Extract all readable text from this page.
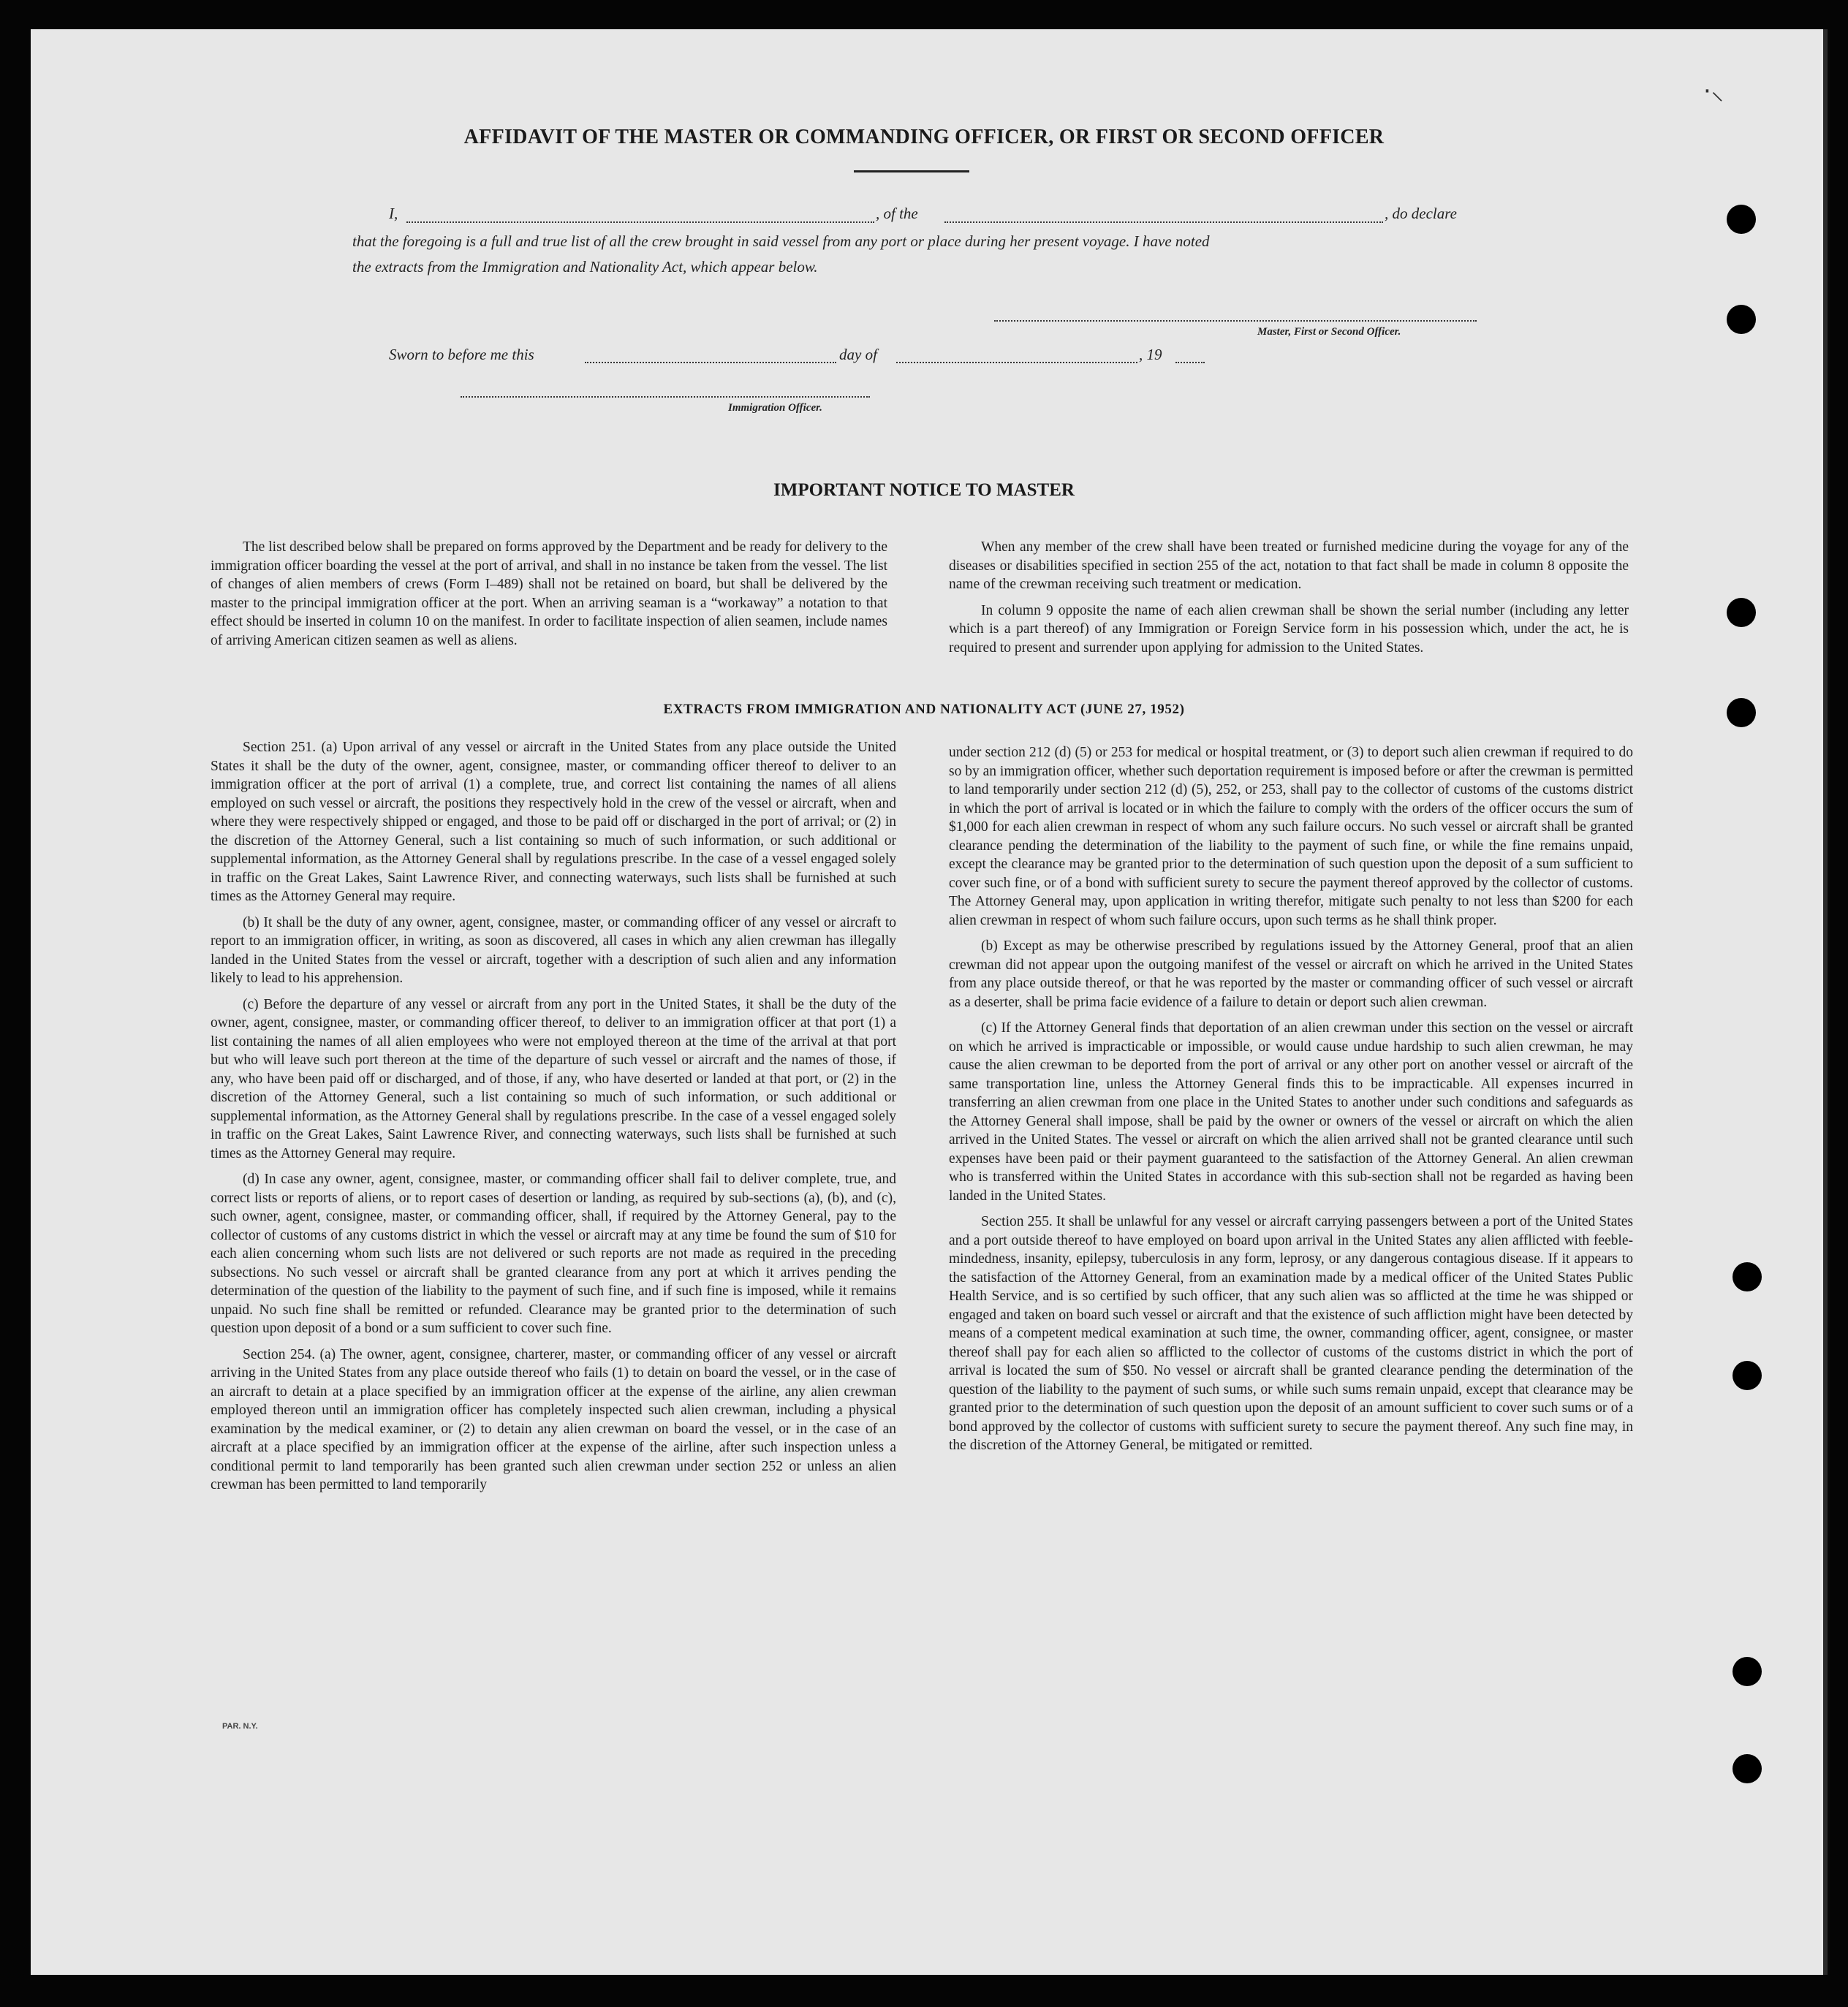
·⸜
AFFIDAVIT OF THE MASTER OR COMMANDING OFFICER, OR FIRST OR SECOND OFFICER
I,	, of the	, do declare
that the foregoing is a full and true list of all the crew brought in said vessel from any port or place during her present voyage. I have noted
the extracts from the Immigration and Nationality Act, which appear below.
Master, First or Second Officer.
Sworn to before me this	day of	, 19
Immigration Officer.
IMPORTANT NOTICE TO MASTER

The list described below shall be prepared on forms approved by the Department and be ready for delivery to the immigration officer boarding the vessel at the port of arrival, and shall in no instance be taken from the vessel. The list of changes of alien members of crews (Form I–489) shall not be retained on board, but shall be delivered by the master to the principal immigration officer at the port. When an arriving seaman is a “workaway” a notation to that effect should be inserted in column 10 on the manifest. In order to facilitate inspection of alien seamen, include names of arriving American citizen seamen as well as aliens.

When any member of the crew shall have been treated or furnished medicine during the voyage for any of the diseases or disabilities specified in section 255 of the act, notation to that fact shall be made in column 8 opposite the name of the crewman receiving such treatment or medication.

In column 9 opposite the name of each alien crewman shall be shown the serial number (including any letter which is a part thereof) of any Immigration or Foreign Service form in his possession which, under the act, he is required to present and surrender upon applying for admission to the United States.

EXTRACTS FROM IMMIGRATION AND NATIONALITY ACT (JUNE 27, 1952)

Section 251. (a) Upon arrival of any vessel or aircraft in the United States from any place outside the United States it shall be the duty of the owner, agent, consignee, master, or commanding officer thereof to deliver to an immigration officer at the port of arrival (1) a complete, true, and correct list containing the names of all aliens employed on such vessel or aircraft, the positions they respectively hold in the crew of the vessel or aircraft, when and where they were respectively shipped or engaged, and those to be paid off or discharged in the port of arrival; or (2) in the discretion of the Attorney General, such a list containing so much of such information, or such additional or supplemental information, as the Attorney General shall by regulations prescribe. In the case of a vessel engaged solely in traffic on the Great Lakes, Saint Lawrence River, and connecting waterways, such lists shall be furnished at such times as the Attorney General may require.

(b) It shall be the duty of any owner, agent, consignee, master, or commanding officer of any vessel or aircraft to report to an immigration officer, in writing, as soon as discovered, all cases in which any alien crewman has illegally landed in the United States from the vessel or aircraft, together with a description of such alien and any information likely to lead to his apprehension.

(c) Before the departure of any vessel or aircraft from any port in the United States, it shall be the duty of the owner, agent, consignee, master, or commanding officer thereof, to deliver to an immigration officer at that port (1) a list containing the names of all alien employees who were not employed thereon at the time of the arrival at that port but who will leave such port thereon at the time of the departure of such vessel or aircraft and the names of those, if any, who have been paid off or discharged, and of those, if any, who have deserted or landed at that port, or (2) in the discretion of the Attorney General, such a list containing so much of such information, or such additional or supplemental information, as the Attorney General shall by regulations prescribe. In the case of a vessel engaged solely in traffic on the Great Lakes, Saint Lawrence River, and connecting waterways, such lists shall be furnished at such times as the Attorney General may require.

(d) In case any owner, agent, consignee, master, or commanding officer shall fail to deliver complete, true, and correct lists or reports of aliens, or to report cases of desertion or landing, as required by sub-sections (a), (b), and (c), such owner, agent, consignee, master, or commanding officer, shall, if required by the Attorney General, pay to the collector of customs of any customs district in which the vessel or aircraft may at any time be found the sum of $10 for each alien concerning whom such lists are not delivered or such reports are not made as required in the preceding subsections. No such vessel or aircraft shall be granted clearance from any port at which it arrives pending the determination of the question of the liability to the payment of such fine, and if such fine is imposed, while it remains unpaid. No such fine shall be remitted or refunded. Clearance may be granted prior to the determination of such question upon deposit of a bond or a sum sufficient to cover such fine.

Section 254. (a) The owner, agent, consignee, charterer, master, or commanding officer of any vessel or aircraft arriving in the United States from any place outside thereof who fails (1) to detain on board the vessel, or in the case of an aircraft to detain at a place specified by an immigration officer at the expense of the airline, any alien crewman employed thereon until an immigration officer has completely inspected such alien crewman, including a physical examination by the medical examiner, or (2) to detain any alien crewman on board the vessel, or in the case of an aircraft at a place specified by an immigration officer at the expense of the airline, after such inspection unless a conditional permit to land temporarily has been granted such alien crewman under section 252 or unless an alien crewman has been permitted to land temporarily

under section 212 (d) (5) or 253 for medical or hospital treatment, or (3) to deport such alien crewman if required to do so by an immigration officer, whether such deportation requirement is imposed before or after the crewman is permitted to land temporarily under section 212 (d) (5), 252, or 253, shall pay to the collector of customs of the customs district in which the port of arrival is located or in which the failure to comply with the orders of the officer occurs the sum of $1,000 for each alien crewman in respect of whom any such failure occurs. No such vessel or aircraft shall be granted clearance pending the determination of the liability to the payment of such fine, or while the fine remains unpaid, except the clearance may be granted prior to the determination of such question upon the deposit of a sum sufficient to cover such fine, or of a bond with sufficient surety to secure the payment thereof approved by the collector of customs. The Attorney General may, upon application in writing therefor, mitigate such penalty to not less than $200 for each alien crewman in respect of whom such failure occurs, upon such terms as he shall think proper.

(b) Except as may be otherwise prescribed by regulations issued by the Attorney General, proof that an alien crewman did not appear upon the outgoing manifest of the vessel or aircraft on which he arrived in the United States from any place outside thereof, or that he was reported by the master or commanding officer of such vessel or aircraft as a deserter, shall be prima facie evidence of a failure to detain or deport such alien crewman.

(c) If the Attorney General finds that deportation of an alien crewman under this section on the vessel or aircraft on which he arrived is impracticable or impossible, or would cause undue hardship to such alien crewman, he may cause the alien crewman to be deported from the port of arrival or any other port on another vessel or aircraft of the same transportation line, unless the Attorney General finds this to be impracticable. All expenses incurred in transferring an alien crewman from one place in the United States to another under such conditions and safeguards as the Attorney General shall impose, shall be paid by the owner or owners of the vessel or aircraft on which the alien arrived in the United States. The vessel or aircraft on which the alien arrived shall not be granted clearance until such expenses have been paid or their payment guaranteed to the satisfaction of the Attorney General. An alien crewman who is transferred within the United States in accordance with this sub-section shall not be regarded as having been landed in the United States.

Section 255. It shall be unlawful for any vessel or aircraft carrying passengers between a port of the United States and a port outside thereof to have employed on board upon arrival in the United States any alien afflicted with feeble-mindedness, insanity, epilepsy, tuberculosis in any form, leprosy, or any dangerous contagious disease. If it appears to the satisfaction of the Attorney General, from an examination made by a medical officer of the United States Public Health Service, and is so certified by such officer, that any such alien was so afflicted at the time he was shipped or engaged and taken on board such vessel or aircraft and that the existence of such affliction might have been detected by means of a competent medical examination at such time, the owner, commanding officer, agent, consignee, or master thereof shall pay for each alien so afflicted to the collector of customs of the customs district in which the port of arrival is located the sum of $50. No vessel or aircraft shall be granted clearance pending the determination of the question of the liability to the payment of such sums, or while such sums remain unpaid, except that clearance may be granted prior to the determination of such question upon the deposit of an amount sufficient to cover such sums or of a bond approved by the collector of customs with sufficient surety to secure the payment thereof. Any such fine may, in the discretion of the Attorney General, be mitigated or remitted.

PAR. N.Y.
